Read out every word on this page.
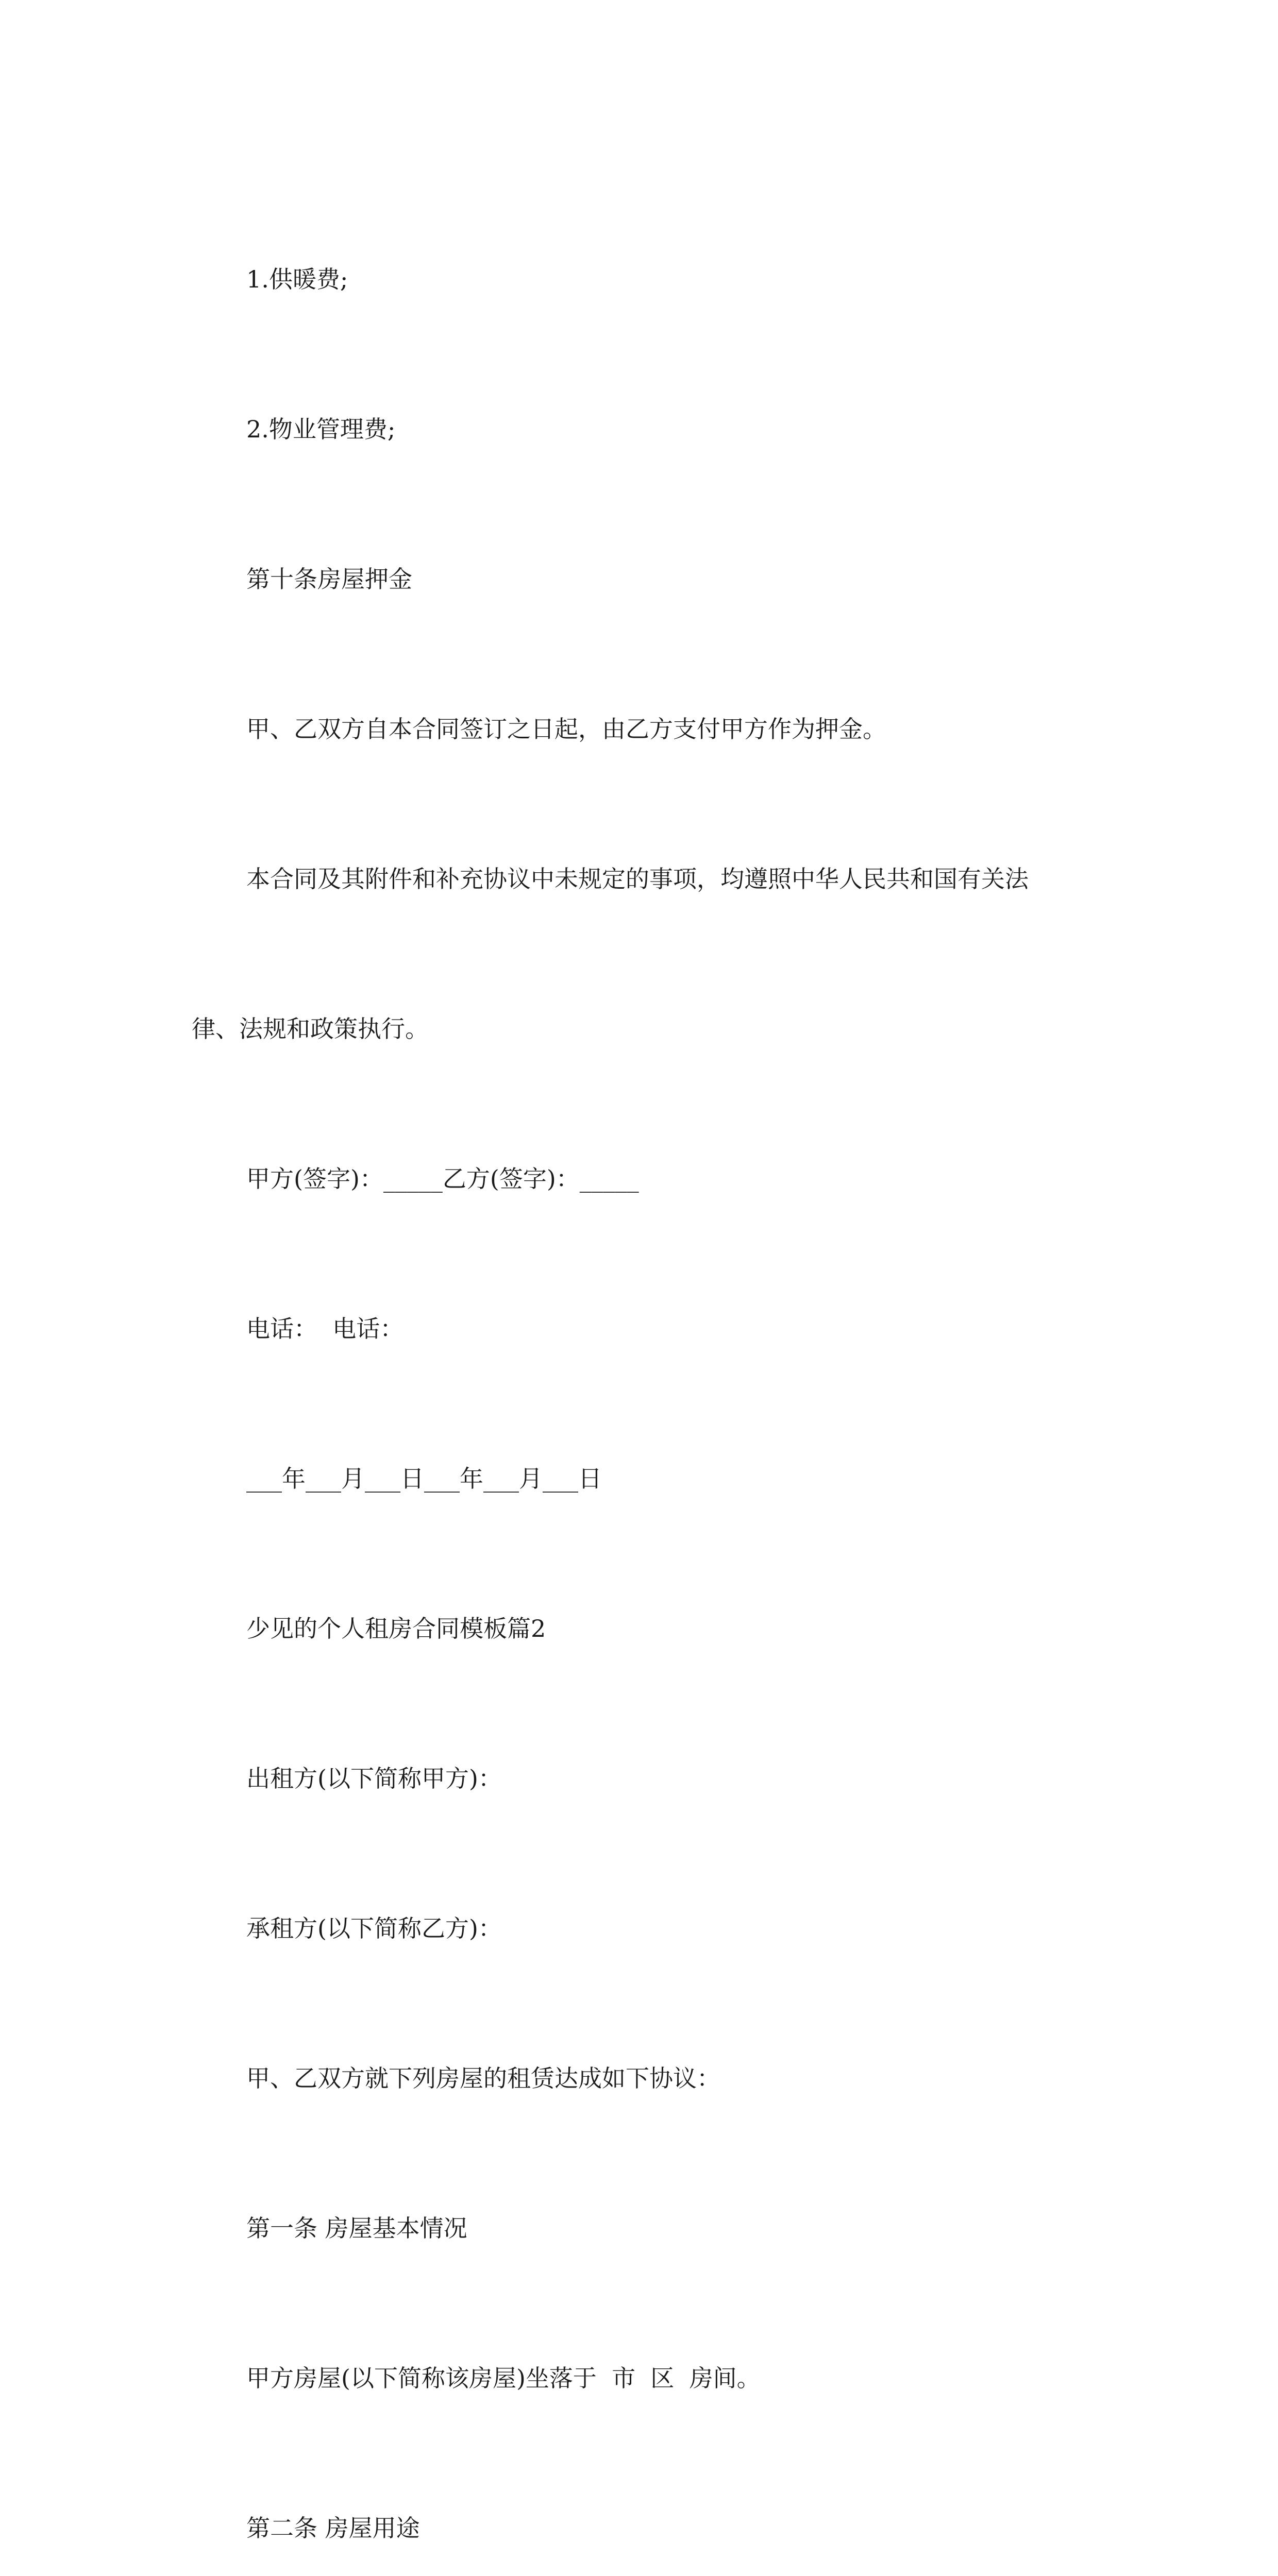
1.供暖费;

2.物业管理费;

第十条房屋押金

甲、乙双方自本合同签订之日起，由乙方支付甲方作为押金。

本合同及其附件和补充协议中未规定的事项，均遵照中华人民共和国有关法

律、法规和政策执行。

甲方(签字)：_____乙方(签字)：_____

电话：  电话：

___年___月___日___年___月___日

少见的个人租房合同模板篇2

出租方(以下简称甲方)：

承租方(以下简称乙方)：

甲、乙双方就下列房屋的租赁达成如下协议：

第一条 房屋基本情况

甲方房屋(以下简称该房屋)坐落于  市  区  房间。

第二条 房屋用途
